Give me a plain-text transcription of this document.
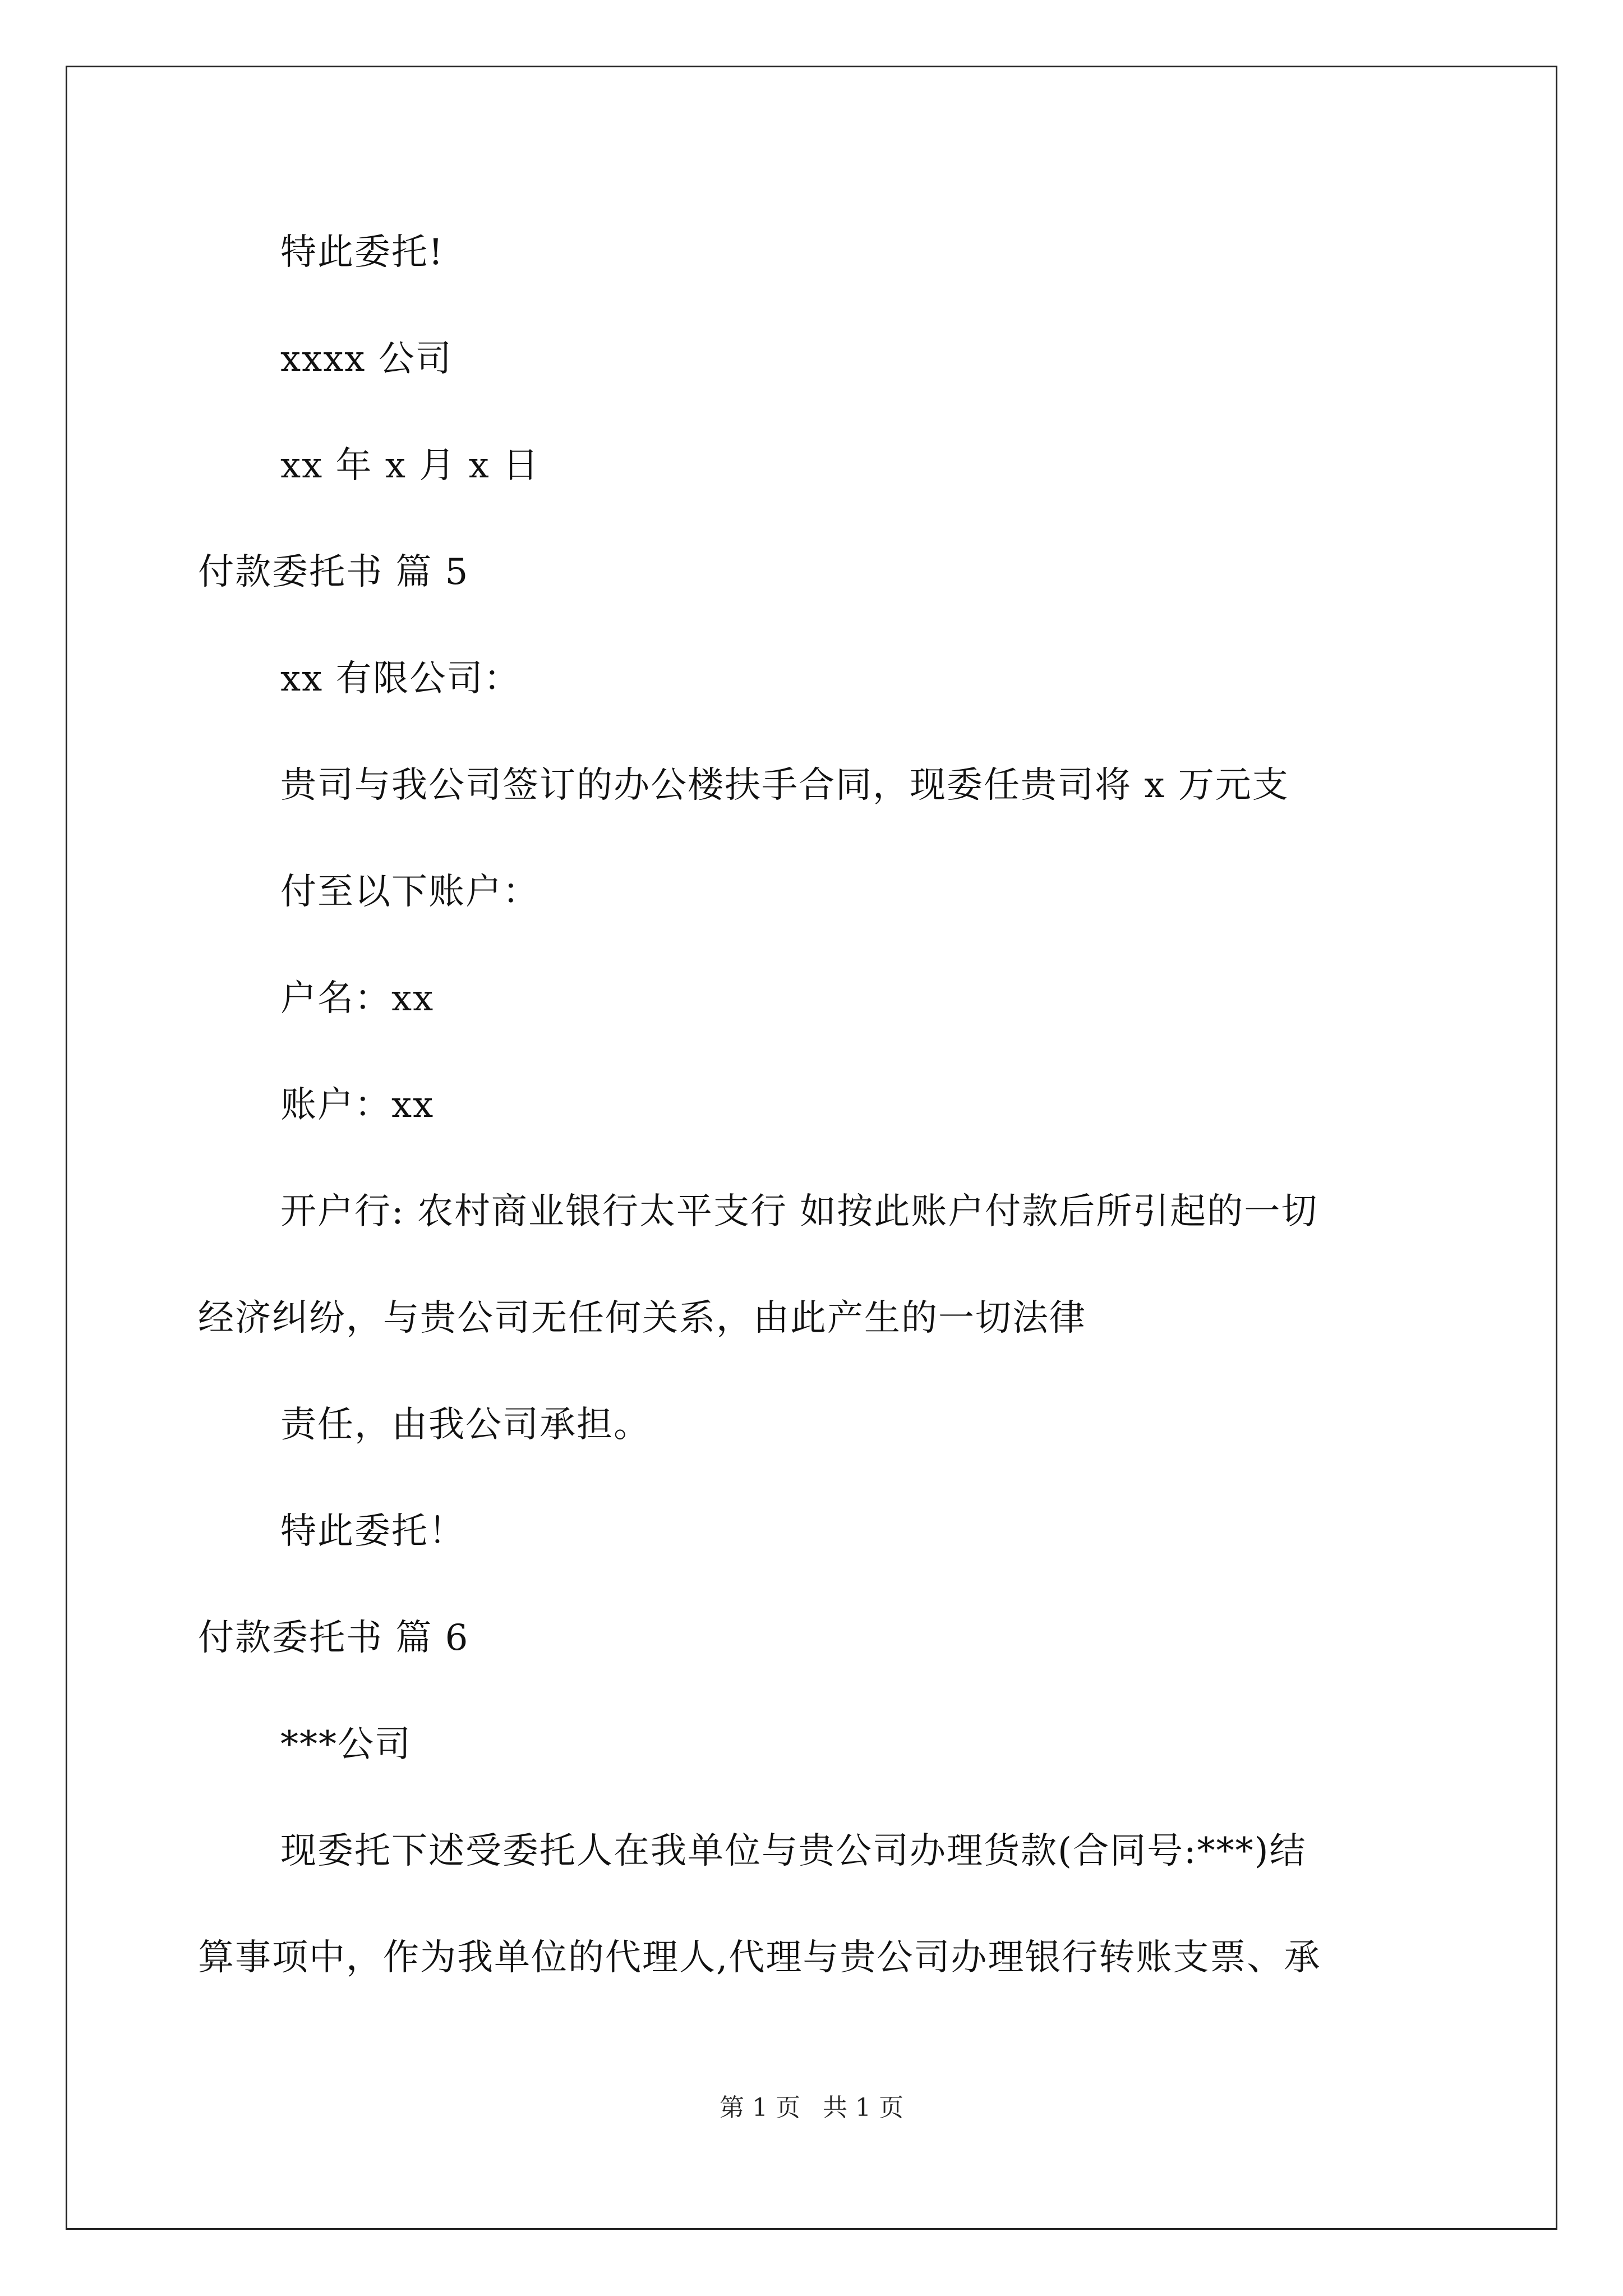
特此委托!
xxxx 公司
xx 年 x 月 x 日
付款委托书 篇 5
xx 有限公司：
贵司与我公司签订的办公楼扶手合同，现委任贵司将 x 万元支
付至以下账户：
户名：xx
账户：xx
开户行: 农村商业银行太平支行 如按此账户付款后所引起的一切
经济纠纷，与贵公司无任何关系，由此产生的一切法律
责任，由我公司承担。
特此委托！
付款委托书 篇 6
***公司
现委托下述受委托人在我单位与贵公司办理货款(合同号:***)结
算事项中，作为我单位的代理人,代理与贵公司办理银行转账支票、承
第 1 页 共 1 页
